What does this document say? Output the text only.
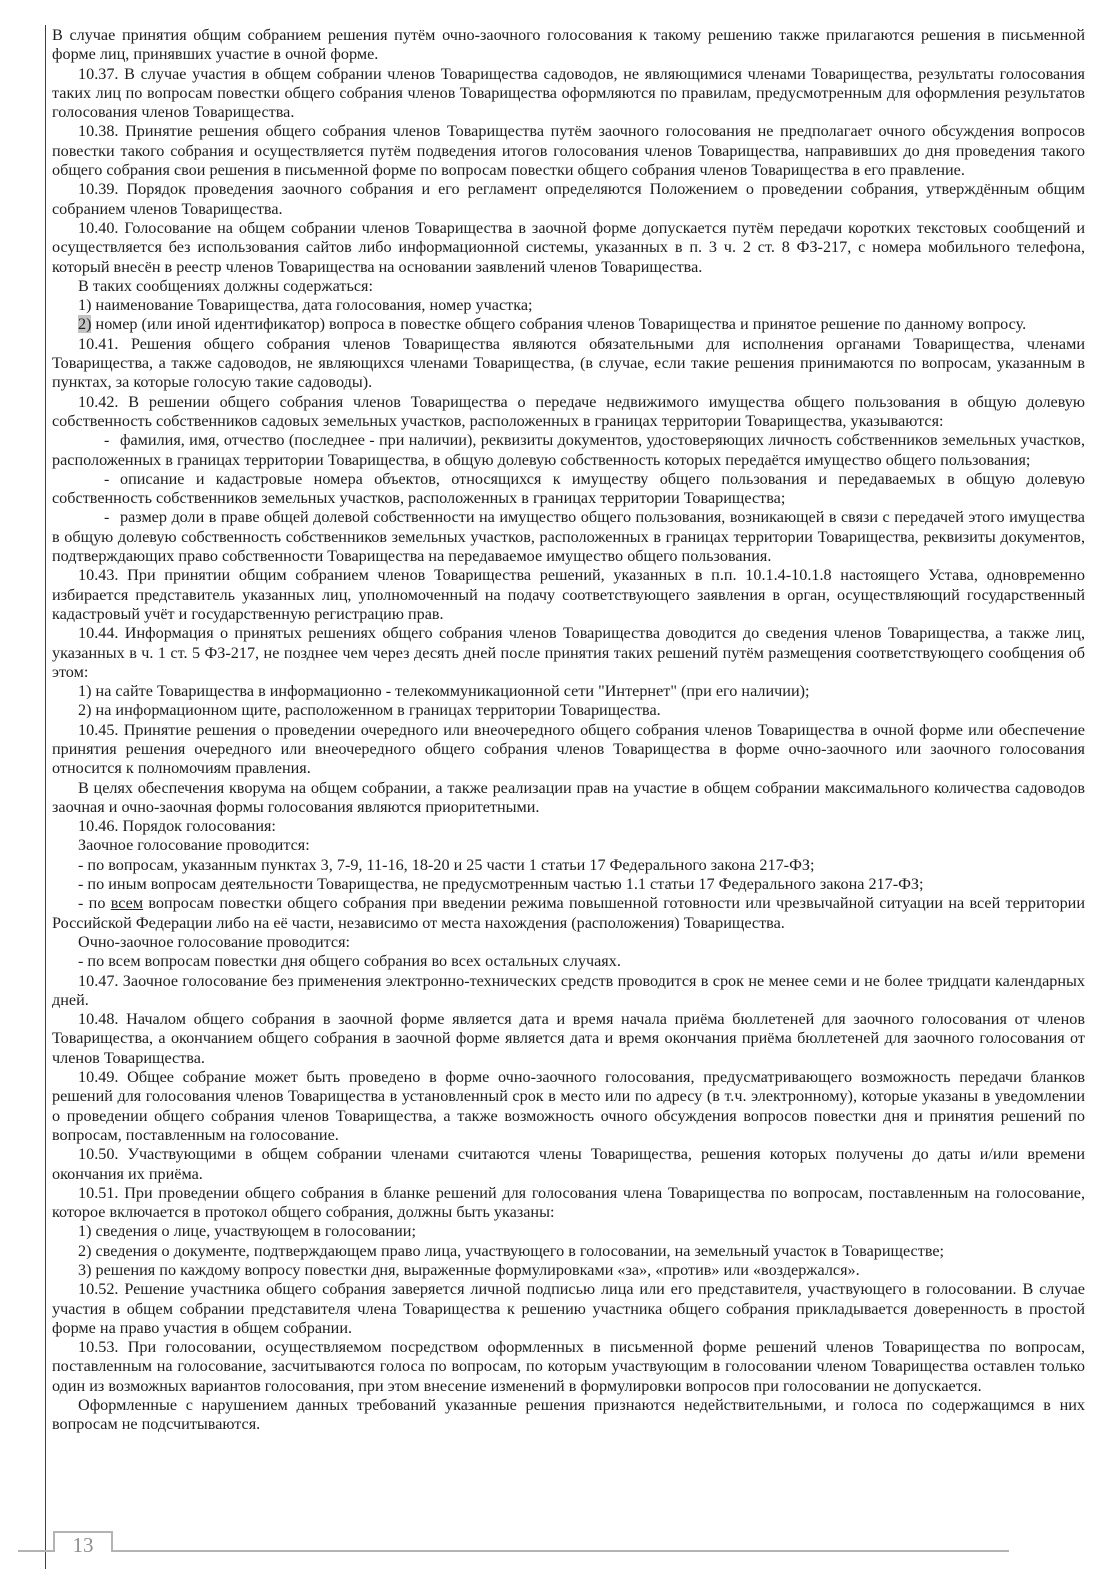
В случае принятия общим собранием решения путём очно-заочного голосования к такому решению также прилагаются решения в письменной форме лиц, принявших участие в очной форме.

10.37. В случае участия в общем собрании членов Товарищества садоводов, не являющимися членами Товарищества, результаты голосования таких лиц по вопросам повестки общего собрания членов Товарищества оформляются по правилам, предусмотренным для оформления результатов голосования членов Товарищества.

10.38. Принятие решения общего собрания членов Товарищества путём заочного голосования не предполагает очного обсуждения вопросов повестки такого собрания и осуществляется путём подведения итогов голосования членов Товарищества, направивших до дня проведения такого общего собрания свои решения в письменной форме по вопросам повестки общего собрания членов Товарищества в его правление.

10.39. Порядок проведения заочного собрания и его регламент определяются Положением о проведении собрания, утверждённым общим собранием членов Товарищества.

10.40. Голосование на общем собрании членов Товарищества в заочной форме допускается путём передачи коротких текстовых сообщений и осуществляется без использования сайтов либо информационной системы, указанных в п. 3 ч. 2 ст. 8 ФЗ-217, с номера мобильного телефона, который внесён в реестр членов Товарищества на основании заявлений членов Товарищества.

В таких сообщениях должны содержаться:

1) наименование Товарищества, дата голосования, номер участка;

2) номер (или иной идентификатор) вопроса в повестке общего собрания членов Товарищества и принятое решение по данному вопросу.

10.41. Решения общего собрания членов Товарищества являются обязательными для исполнения органами Товарищества, членами Товарищества, а также садоводов, не являющихся членами Товарищества, (в случае, если такие решения принимаются по вопросам, указанным в пунктах, за которые голосую такие садоводы).

10.42. В решении общего собрания членов Товарищества о передаче недвижимого имущества общего пользования в общую долевую собственность собственников садовых земельных участков, расположенных в границах территории Товарищества, указываются:

- фамилия, имя, отчество (последнее - при наличии), реквизиты документов, удостоверяющих личность собственников земельных участков, расположенных в границах территории Товарищества, в общую долевую собственность которых передаётся имущество общего пользования;

- описание и кадастровые номера объектов, относящихся к имуществу общего пользования и передаваемых в общую долевую собственность собственников земельных участков, расположенных в границах территории Товарищества;

- размер доли в праве общей долевой собственности на имущество общего пользования, возникающей в связи с передачей этого имущества в общую долевую собственность собственников земельных участков, расположенных в границах территории Товарищества, реквизиты документов, подтверждающих право собственности Товарищества на передаваемое имущество общего пользования.

10.43. При принятии общим собранием членов Товарищества решений, указанных в п.п. 10.1.4-10.1.8 настоящего Устава, одновременно избирается представитель указанных лиц, уполномоченный на подачу соответствующего заявления в орган, осуществляющий государственный кадастровый учёт и государственную регистрацию прав.

10.44. Информация о принятых решениях общего собрания членов Товарищества доводится до сведения членов Товарищества, а также лиц, указанных в ч. 1 ст. 5 ФЗ-217, не позднее чем через десять дней после принятия таких решений путём размещения соответствующего сообщения об этом:

1) на сайте Товарищества в информационно - телекоммуникационной сети "Интернет" (при его наличии);

2) на информационном щите, расположенном в границах территории Товарищества.

10.45. Принятие решения о проведении очередного или внеочередного общего собрания членов Товарищества в очной форме или обеспечение принятия решения очередного или внеочередного общего собрания членов Товарищества в форме очно-заочного или заочного голосования относится к полномочиям правления.

В целях обеспечения кворума на общем собрании, а также реализации прав на участие в общем собрании максимального количества садоводов заочная и очно-заочная формы голосования являются приоритетными.

10.46. Порядок голосования:

Заочное голосование проводится:

- по вопросам, указанным пунктах 3, 7-9, 11-16, 18-20 и 25 части 1 статьи 17 Федерального закона 217-ФЗ;

- по иным вопросам деятельности Товарищества, не предусмотренным частью 1.1 статьи 17 Федерального закона 217-ФЗ;

- по всем вопросам повестки общего собрания при введении режима повышенной готовности или чрезвычайной ситуации на всей территории Российской Федерации либо на её части, независимо от места нахождения (расположения) Товарищества.

Очно-заочное голосование проводится:

- по всем вопросам повестки дня общего собрания во всех остальных случаях.

10.47. Заочное голосование без применения электронно-технических средств проводится в срок не менее семи и не более тридцати календарных дней.

10.48. Началом общего собрания в заочной форме является дата и время начала приёма бюллетеней для заочного голосования от членов Товарищества, а окончанием общего собрания в заочной форме является дата и время окончания приёма бюллетеней для заочного голосования от членов Товарищества.

10.49. Общее собрание может быть проведено в форме очно-заочного голосования, предусматривающего возможность передачи бланков решений для голосования членов Товарищества в установленный срок в место или по адресу (в т.ч. электронному), которые указаны в уведомлении о проведении общего собрания членов Товарищества, а также возможность очного обсуждения вопросов повестки дня и принятия решений по вопросам, поставленным на голосование.

10.50. Участвующими в общем собрании членами считаются члены Товарищества, решения которых получены до даты и/или времени окончания их приёма.

10.51. При проведении общего собрания в бланке решений для голосования члена Товарищества по вопросам, поставленным на голосование, которое включается в протокол общего собрания, должны быть указаны:

1) сведения о лице, участвующем в голосовании;

2) сведения о документе, подтверждающем право лица, участвующего в голосовании, на земельный участок в Товариществе;

3) решения по каждому вопросу повестки дня, выраженные формулировками «за», «против» или «воздержался».

10.52. Решение участника общего собрания заверяется личной подписью лица или его представителя, участвующего в голосовании. В случае участия в общем собрании представителя члена Товарищества к решению участника общего собрания прикладывается доверенность в простой форме на право участия в общем собрании.

10.53. При голосовании, осуществляемом посредством оформленных в письменной форме решений членов Товарищества по вопросам, поставленным на голосование, засчитываются голоса по вопросам, по которым участвующим в голосовании членом Товарищества оставлен только один из возможных вариантов голосования, при этом внесение изменений в формулировки вопросов при голосовании не допускается.

Оформленные с нарушением данных требований указанные решения признаются недействительными, и голоса по содержащимся в них вопросам не подсчитываются.

13
